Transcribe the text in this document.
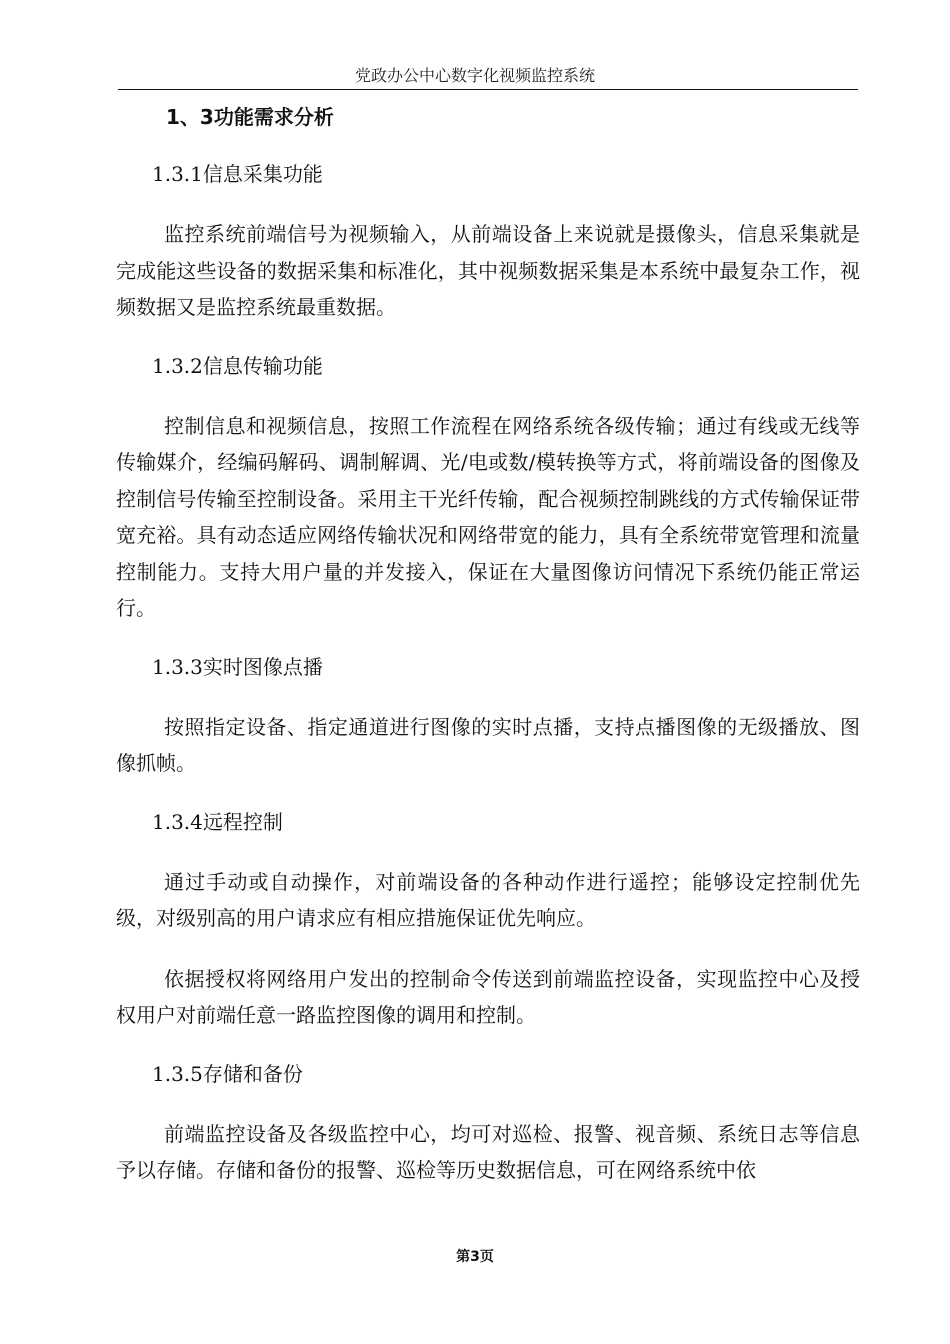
党政办公中心数字化视频监控系统
1、3功能需求分析

1.3.1信息采集功能

监控系统前端信号为视频输入，从前端设备上来说就是摄像头，信息采集就是完成能这些设备的数据采集和标准化，其中视频数据采集是本系统中最复杂工作，视频数据又是监控系统最重数据。

1.3.2信息传输功能

控制信息和视频信息，按照工作流程在网络系统各级传输；通过有线或无线等传输媒介，经编码解码、调制解调、光/电或数/模转换等方式，将前端设备的图像及控制信号传输至控制设备。采用主干光纤传输，配合视频控制跳线的方式传输保证带宽充裕。具有动态适应网络传输状况和网络带宽的能力，具有全系统带宽管理和流量控制能力。支持大用户量的并发接入，保证在大量图像访问情况下系统仍能正常运行。

1.3.3实时图像点播

按照指定设备、指定通道进行图像的实时点播，支持点播图像的无级播放、图像抓帧。

1.3.4远程控制

通过手动或自动操作，对前端设备的各种动作进行遥控；能够设定控制优先级，对级别高的用户请求应有相应措施保证优先响应。

依据授权将网络用户发出的控制命令传送到前端监控设备，实现监控中心及授权用户对前端任意一路监控图像的调用和控制。

1.3.5存储和备份

前端监控设备及各级监控中心，均可对巡检、报警、视音频、系统日志等信息予以存储。存储和备份的报警、巡检等历史数据信息，可在网络系统中依

第3页
